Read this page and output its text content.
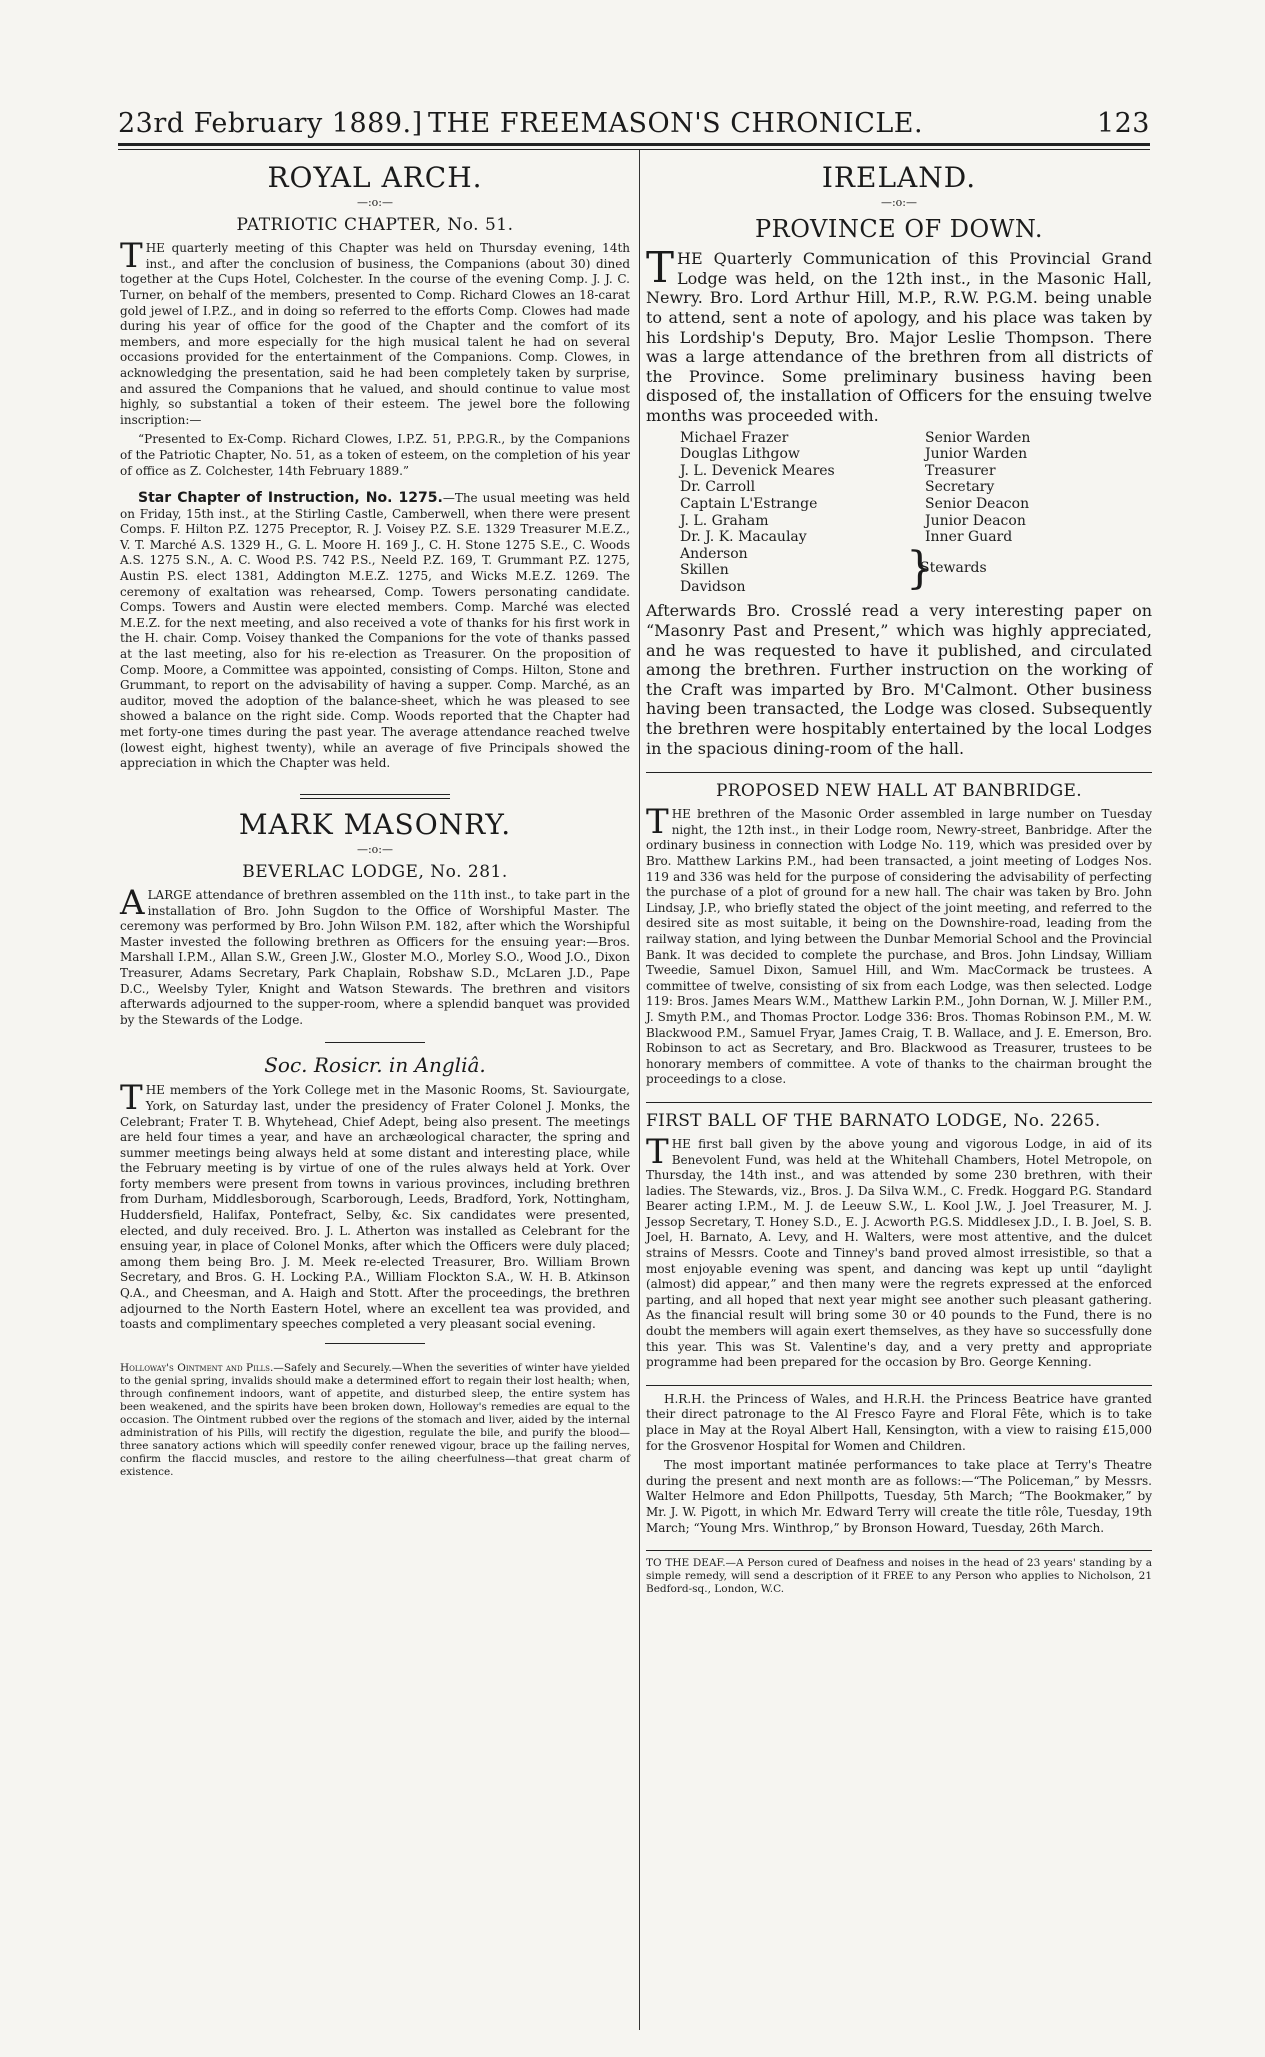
23rd February 1889.] THE FREEMASON'S CHRONICLE.	123
ROYAL ARCH.
—:o:—
PATRIOTIC CHAPTER, No. 51.

THE quarterly meeting of this Chapter was held on Thursday evening, 14th inst., and after the conclusion of business, the Companions (about 30) dined together at the Cups Hotel, Colchester. In the course of the evening Comp. J. J. C. Turner, on behalf of the members, presented to Comp. Richard Clowes an 18-carat gold jewel of I.P.Z., and in doing so referred to the efforts Comp. Clowes had made during his year of office for the good of the Chapter and the comfort of its members, and more especially for the high musical talent he had on several occasions provided for the entertainment of the Companions. Comp. Clowes, in acknowledging the presentation, said he had been completely taken by surprise, and assured the Companions that he valued, and should continue to value most highly, so substantial a token of their esteem. The jewel bore the following inscription:—

“Presented to Ex-Comp. Richard Clowes, I.P.Z. 51, P.P.G.R., by the Companions of the Patriotic Chapter, No. 51, as a token of esteem, on the completion of his year of office as Z. Colchester, 14th February 1889.”

Star Chapter of Instruction, No. 1275.—The usual meeting was held on Friday, 15th inst., at the Stirling Castle, Camberwell, when there were present Comps. F. Hilton P.Z. 1275 Preceptor, R. J. Voisey P.Z. S.E. 1329 Treasurer M.E.Z., V. T. Marché A.S. 1329 H., G. L. Moore H. 169 J., C. H. Stone 1275 S.E., C. Woods A.S. 1275 S.N., A. C. Wood P.S. 742 P.S., Neeld P.Z. 169, T. Grummant P.Z. 1275, Austin P.S. elect 1381, Addington M.E.Z. 1275, and Wicks M.E.Z. 1269. The ceremony of exaltation was rehearsed, Comp. Towers personating candidate. Comps. Towers and Austin were elected members. Comp. Marché was elected M.E.Z. for the next meeting, and also received a vote of thanks for his first work in the H. chair. Comp. Voisey thanked the Companions for the vote of thanks passed at the last meeting, also for his re-election as Treasurer. On the proposition of Comp. Moore, a Committee was appointed, consisting of Comps. Hilton, Stone and Grummant, to report on the advisability of having a supper. Comp. Marché, as an auditor, moved the adoption of the balance-sheet, which he was pleased to see showed a balance on the right side. Comp. Woods reported that the Chapter had met forty-one times during the past year. The average attendance reached twelve (lowest eight, highest twenty), while an average of five Principals showed the appreciation in which the Chapter was held.

MARK MASONRY.
—:o:—
BEVERLAC LODGE, No. 281.

ALARGE attendance of brethren assembled on the 11th inst., to take part in the installation of Bro. John Sugdon to the Office of Worshipful Master. The ceremony was performed by Bro. John Wilson P.M. 182, after which the Worshipful Master invested the following brethren as Officers for the ensuing year:—Bros. Marshall I.P.M., Allan S.W., Green J.W., Gloster M.O., Morley S.O., Wood J.O., Dixon Treasurer, Adams Secretary, Park Chaplain, Robshaw S.D., McLaren J.D., Pape D.C., Weelsby Tyler, Knight and Watson Stewards. The brethren and visitors afterwards adjourned to the supper-room, where a splendid banquet was provided by the Stewards of the Lodge.

Soc. Rosicr. in Angliâ.

THE members of the York College met in the Masonic Rooms, St. Saviourgate, York, on Saturday last, under the presidency of Frater Colonel J. Monks, the Celebrant; Frater T. B. Whytehead, Chief Adept, being also present. The meetings are held four times a year, and have an archæological character, the spring and summer meetings being always held at some distant and interesting place, while the February meeting is by virtue of one of the rules always held at York. Over forty members were present from towns in various provinces, including brethren from Durham, Middlesborough, Scarborough, Leeds, Bradford, York, Nottingham, Huddersfield, Halifax, Pontefract, Selby, &c. Six candidates were presented, elected, and duly received. Bro. J. L. Atherton was installed as Celebrant for the ensuing year, in place of Colonel Monks, after which the Officers were duly placed; among them being Bro. J. M. Meek re-elected Treasurer, Bro. William Brown Secretary, and Bros. G. H. Locking P.A., William Flockton S.A., W. H. B. Atkinson Q.A., and Cheesman, and A. Haigh and Stott. After the proceedings, the brethren adjourned to the North Eastern Hotel, where an excellent tea was provided, and toasts and complimentary speeches completed a very pleasant social evening.

Holloway's Ointment and Pills.—Safely and Securely.—When the severities of winter have yielded to the genial spring, invalids should make a determined effort to regain their lost health; when, through confinement indoors, want of appetite, and disturbed sleep, the entire system has been weakened, and the spirits have been broken down, Holloway's remedies are equal to the occasion. The Ointment rubbed over the regions of the stomach and liver, aided by the internal administration of his Pills, will rectify the digestion, regulate the bile, and purify the blood—three sanatory actions which will speedily confer renewed vigour, brace up the failing nerves, confirm the flaccid muscles, and restore to the ailing cheerfulness—that great charm of existence.

IRELAND.
—:o:—
PROVINCE OF DOWN.

THE Quarterly Communication of this Provincial Grand Lodge was held, on the 12th inst., in the Masonic Hall, Newry. Bro. Lord Arthur Hill, M.P., R.W. P.G.M. being unable to attend, sent a note of apology, and his place was taken by his Lordship's Deputy, Bro. Major Leslie Thompson. There was a large attendance of the brethren from all districts of the Province. Some preliminary business having been disposed of, the installation of Officers for the ensuing twelve months was proceeded with.

Michael Frazer	Senior Warden
Douglas Lithgow	Junior Warden
J. L. Devenick Meares	Treasurer
Dr. Carroll	Secretary
Captain L'Estrange	Senior Deacon
J. L. Graham	Junior Deacon
Dr. J. K. Macaulay	Inner Guard
Anderson
Skillen
Davidson	}
Stewards

Afterwards Bro. Crosslé read a very interesting paper on “Masonry Past and Present,” which was highly appreciated, and he was requested to have it published, and circulated among the brethren. Further instruction on the working of the Craft was imparted by Bro. M'Calmont. Other business having been transacted, the Lodge was closed. Subsequently the brethren were hospitably entertained by the local Lodges in the spacious dining-room of the hall.

PROPOSED NEW HALL AT BANBRIDGE.

THE brethren of the Masonic Order assembled in large number on Tuesday night, the 12th inst., in their Lodge room, Newry-street, Banbridge. After the ordinary business in connection with Lodge No. 119, which was presided over by Bro. Matthew Larkins P.M., had been transacted, a joint meeting of Lodges Nos. 119 and 336 was held for the purpose of considering the advisability of perfecting the purchase of a plot of ground for a new hall. The chair was taken by Bro. John Lindsay, J.P., who briefly stated the object of the joint meeting, and referred to the desired site as most suitable, it being on the Downshire-road, leading from the railway station, and lying between the Dunbar Memorial School and the Provincial Bank. It was decided to complete the purchase, and Bros. John Lindsay, William Tweedie, Samuel Dixon, Samuel Hill, and Wm. MacCormack be trustees. A committee of twelve, consisting of six from each Lodge, was then selected. Lodge 119: Bros. James Mears W.M., Matthew Larkin P.M., John Dornan, W. J. Miller P.M., J. Smyth P.M., and Thomas Proctor. Lodge 336: Bros. Thomas Robinson P.M., M. W. Blackwood P.M., Samuel Fryar, James Craig, T. B. Wallace, and J. E. Emerson, Bro. Robinson to act as Secretary, and Bro. Blackwood as Treasurer, trustees to be honorary members of committee. A vote of thanks to the chairman brought the proceedings to a close.

FIRST BALL OF THE BARNATO LODGE, No. 2265.

THE first ball given by the above young and vigorous Lodge, in aid of its Benevolent Fund, was held at the Whitehall Chambers, Hotel Metropole, on Thursday, the 14th inst., and was attended by some 230 brethren, with their ladies. The Stewards, viz., Bros. J. Da Silva W.M., C. Fredk. Hoggard P.G. Standard Bearer acting I.P.M., M. J. de Leeuw S.W., L. Kool J.W., J. Joel Treasurer, M. J. Jessop Secretary, T. Honey S.D., E. J. Acworth P.G.S. Middlesex J.D., I. B. Joel, S. B. Joel, H. Barnato, A. Levy, and H. Walters, were most attentive, and the dulcet strains of Messrs. Coote and Tinney's band proved almost irresistible, so that a most enjoyable evening was spent, and dancing was kept up until “daylight (almost) did appear,” and then many were the regrets expressed at the enforced parting, and all hoped that next year might see another such pleasant gathering. As the financial result will bring some 30 or 40 pounds to the Fund, there is no doubt the members will again exert themselves, as they have so successfully done this year. This was St. Valentine's day, and a very pretty and appropriate programme had been prepared for the occasion by Bro. George Kenning.

H.R.H. the Princess of Wales, and H.R.H. the Princess Beatrice have granted their direct patronage to the Al Fresco Fayre and Floral Fête, which is to take place in May at the Royal Albert Hall, Kensington, with a view to raising £15,000 for the Grosvenor Hospital for Women and Children.

The most important matinée performances to take place at Terry's Theatre during the present and next month are as follows:—“The Policeman,” by Messrs. Walter Helmore and Edon Phillpotts, Tuesday, 5th March; “The Bookmaker,” by Mr. J. W. Pigott, in which Mr. Edward Terry will create the title rôle, Tuesday, 19th March; “Young Mrs. Winthrop,” by Bronson Howard, Tuesday, 26th March.

TO THE DEAF.—A Person cured of Deafness and noises in the head of 23 years' standing by a simple remedy, will send a description of it FREE to any Person who applies to Nicholson, 21 Bedford-sq., London, W.C.
